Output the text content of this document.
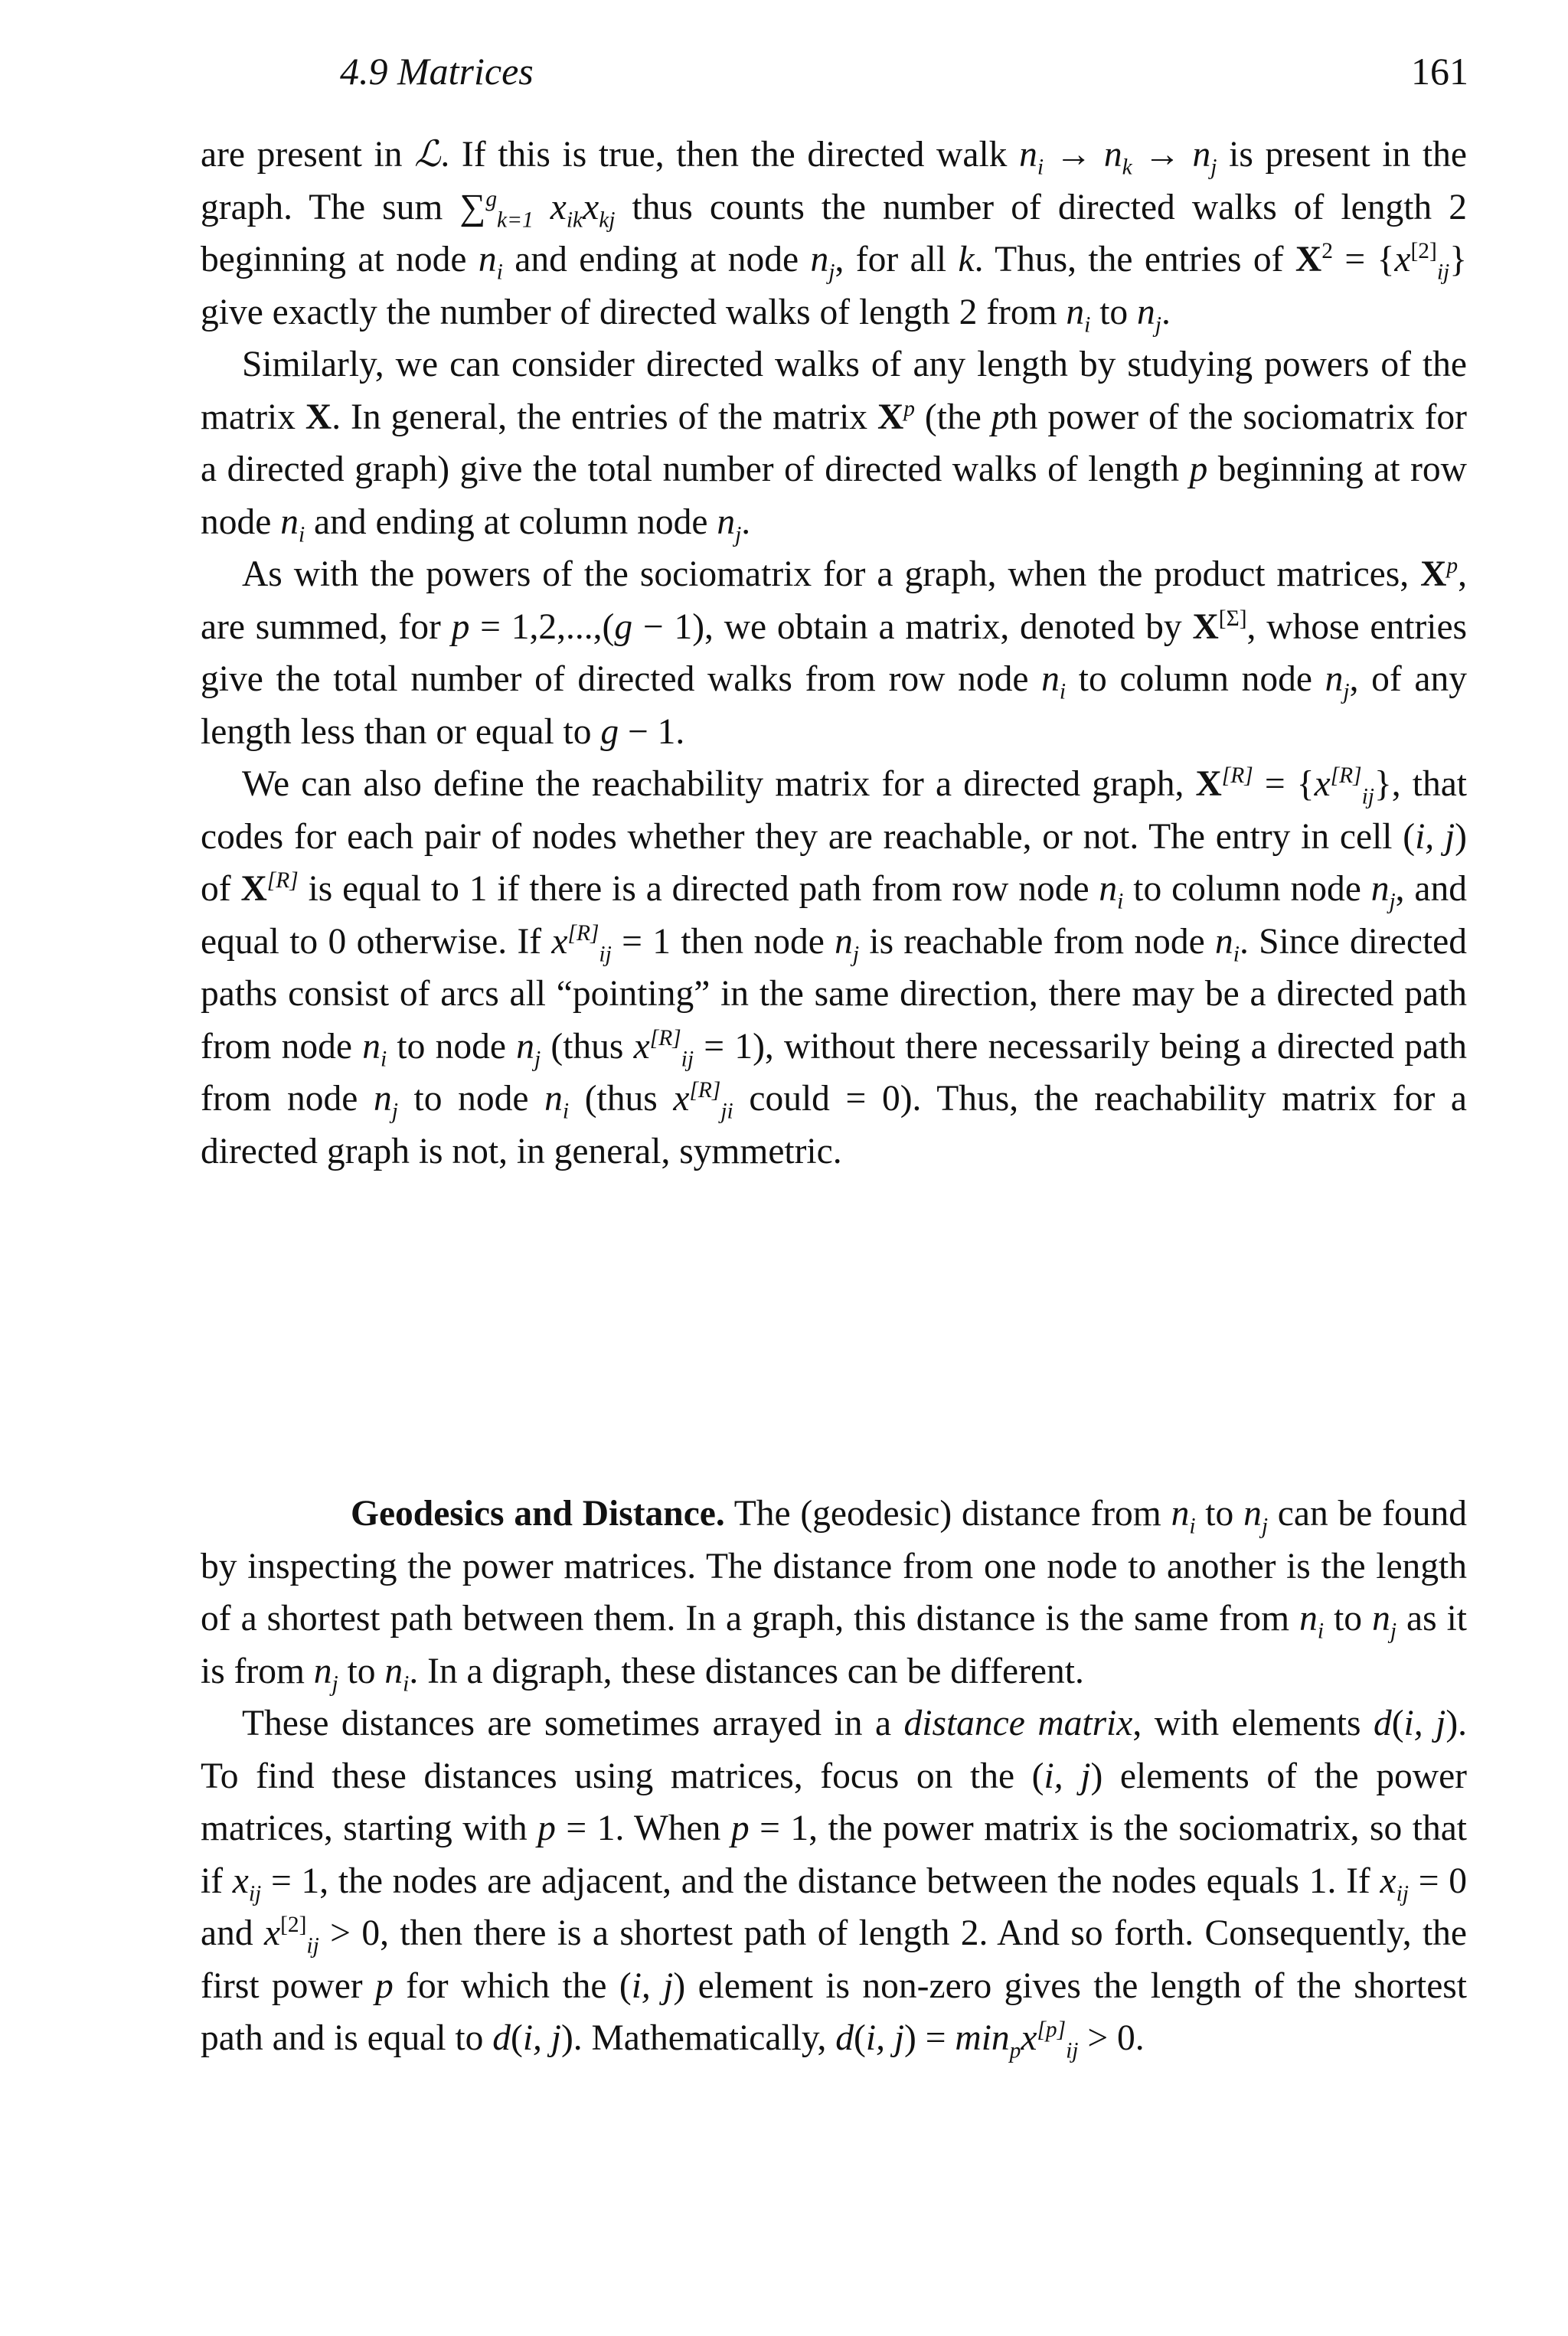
4.9 Matrices	161

are present in ℒ. If this is true, then the directed walk $n_i \to n_k \to n_j$ is present in the graph. The sum ∑$^g_{k=1}$ $x_{ik}x_{kj}$ thus counts the number of directed walks of length 2 beginning at node $n_i$ and ending at node $n_j$, for all k. Thus, the entries of $X^2 = \{x[2]_{ij}\}$ give exactly the number of directed walks of length 2 from $n_i$ to $n_j$.

Similarly, we can consider directed walks of any length by studying powers of the matrix X. In general, the entries of the matrix $X^p$ (the pth power of the sociomatrix for a directed graph) give the total number of directed walks of length p beginning at row node $n_i$ and ending at column node $n_j$.

As with the powers of the sociomatrix for a graph, when the product matrices, $X^p$, are summed, for p = 1,2,...,(g − 1), we obtain a matrix, denoted by X[Σ], whose entries give the total number of directed walks from row node $n_i$ to column node $n_j$, of any length less than or equal to g − 1.

We can also define the reachability matrix for a directed graph, $X[R] = \{x[R]_{ij}\}$, that codes for each pair of nodes whether they are reachable, or not. The entry in cell (i, j) of X[R] is equal to 1 if there is a directed path from row node $n_i$ to column node $n_j$, and equal to 0 otherwise. If $x[R]_{ij} = 1$ then node $n_j$ is reachable from node $n_i$. Since directed paths consist of arcs all “pointing” in the same direction, there may be a directed path from node $n_i$ to node $n_j$ (thus $x[R]_{ij} = 1$), without there necessarily being a directed path from node $n_j$ to node $n_i$ (thus $x[R]_{ji}$ could = 0). Thus, the reachability matrix for a directed graph is not, in general, symmetric.

Geodesics and Distance. The (geodesic) distance from $n_i$ to $n_j$ can be found by inspecting the power matrices. The distance from one node to another is the length of a shortest path between them. In a graph, this distance is the same from $n_i$ to $n_j$ as it is from $n_j$ to $n_i$. In a digraph, these distances can be different.

These distances are sometimes arrayed in a distance matrix, with elements d(i, j). To find these distances using matrices, focus on the (i, j) elements of the power matrices, starting with p = 1. When p = 1, the power matrix is the sociomatrix, so that if $x_{ij} = 1$, the nodes are adjacent, and the distance between the nodes equals 1. If $x_{ij} = 0$ and $x[2]_{ij} > 0$, then there is a shortest path of length 2. And so forth. Consequently, the first power p for which the (i, j) element is non-zero gives the length of the shortest path and is equal to d(i, j). Mathematically, d(i, $j) = \min_px[p]_{ij} > 0$.
